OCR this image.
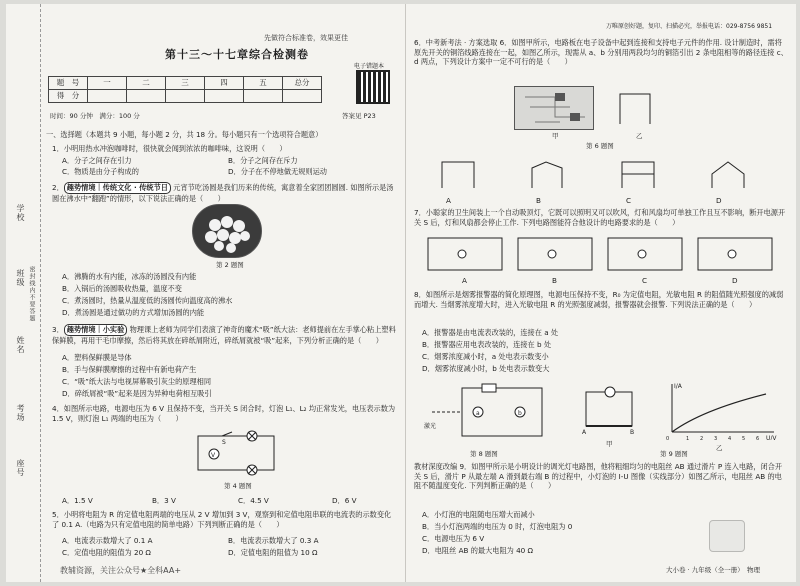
学校
班级
姓名
考场
座号
密封线内不要答题
先做符合标准卷，效果更佳
第十三～十七章综合检测卷
题　号	一	二	三	四	五	总分
得　分						
电子错题本
时间：90 分钟　满分：100 分	答案见 P23
一、选择题（本题共 9 小题，每小题 2 分，共 18 分。每小题只有一个选项符合题意）
1．小明用热水冲泡咖啡时，很快就会闻到浓浓的咖啡味，这说明（　　）
A．分子之间存在引力	B．分子之间存在斥力
C．物质是由分子构成的	D．分子在不停地做无规则运动
2． 趣势情境｜传统文化 · 传统节日 元宵节吃汤圆是我们历来的传统，寓意着全家团团圆圆. 如图所示是汤圆在沸水中“翻跑”的情形，以下说法正确的是（　　）
第 2 题图
A．沸腾的水有内能，冰冻的汤圆没有内能
B．入锅后的汤圆吸收热量，温度不变
C．煮汤圆时，热量从温度低的汤圆传向温度高的沸水
D．煮汤圆是通过做功的方式增加汤圆的内能
3． 趣势情境｜小实验 物理课上老师为同学们表演了神奇的魔术“吸”纸大法：老师提前在左手掌心粘上塑料保鲜膜，再用干毛巾摩擦，然后将其放在碎纸屑附近，碎纸屑就被“吸”起来，下列分析正确的是（　　）
A．塑料保鲜膜是导体
B．手与保鲜膜摩擦的过程中有新电荷产生
C．“吸”纸大法与电视屏幕吸引灰尘的原理相同
D．碎纸屑被“吸”起来是因为异种电荷相互吸引
4．如图所示电路，电源电压为 6 V 且保持不变，当开关 S 闭合时，灯泡 L₁、L₂ 均正常发光，电压表示数为 1.5 V，则灯泡 L₁ 两端的电压为（　　）
V
S
第 4 题图
A．1.5 V	B．3 V	C．4.5 V	D．6 V
5．小明将电阻为 R 的定值电阻两端的电压从 2 V 增加到 3 V，观察到和定值电阻串联的电流表的示数变化了 0.1 A.（电路为只有定值电阻的简单电路）下列判断正确的是（　　）
A．电流表示数增大了 0.1 A	B．电流表示数增大了 0.3 A
C．定值电阻的阻值为 20 Ω	D．定值电阻的阻值为 10 Ω
教辅资源，关注公众号★全科AA+
万唯原创好题，复印、扫描必究，举报电话：029-8756 9851
6．中考新考法 · 方案选取 6．如图甲所示，电路板在电子设备中起到连接和支持电子元件的作用. 设计制造时，需将原先开关的铜箔线路连接在一起，如图乙所示，现需从 a、b 分别用两段均匀的铜箔引出 2 条电阻相等的路径连接 c、d 两点，下列设计方案中一定不可行的是（　　）
甲	乙
第 6 题图
A	B	C	D
7．小聪家的卫生间装上一个自动吸顶灯，它既可以照明又可以吹风，灯和风扇均可单独工作且互不影响，断开电源开关 S 后，灯和风扇都会停止工作. 下列电路图能符合他设计的电路要求的是（　　）
A	B	C	D
8．如图所示是烟雾报警器的简化原理图，电源电压保持不变，R₀ 为定值电阻，光敏电阻 R 的阻值随光照强度的减弱而增大. 当烟雾浓度增大时，进入光敏电阻 R 的光照强度减弱，报警器就会报警. 下列说法正确的是（　　）
A．报警器是由电流表改装的，连接在 a 处
B．报警器应用电表改装的，连接在 b 处
C．烟雾浓度减小时，a 处电表示数变小
D．烟雾浓度减小时，b 处电表示数变大
激光
a	b
A	B
I/A
U/V
0	1 2 3 4 5 6
第 8 题图
甲	乙
第 9 题图
教材深度改编 9．如图甲所示是小明设计的调光灯电路图，他将粗细均匀的电阻丝 AB 通过滑片 P 连入电路，闭合开关 S 后，滑片 P 从最左端 A 滑到最右端 B 的过程中，小灯泡的 I-U 图像（实线部分）如图乙所示，电阻丝 AB 的电阻不随温度变化. 下列判断正确的是（　　）
A．小灯泡的电阻随电压增大而减小
B．当小灯泡两端的电压为 0 时，灯泡电阻为 0
C．电源电压为 6 V
D．电阻丝 AB 的最大电阻为 40 Ω
大小卷 · 九年级（全一册）　物理
